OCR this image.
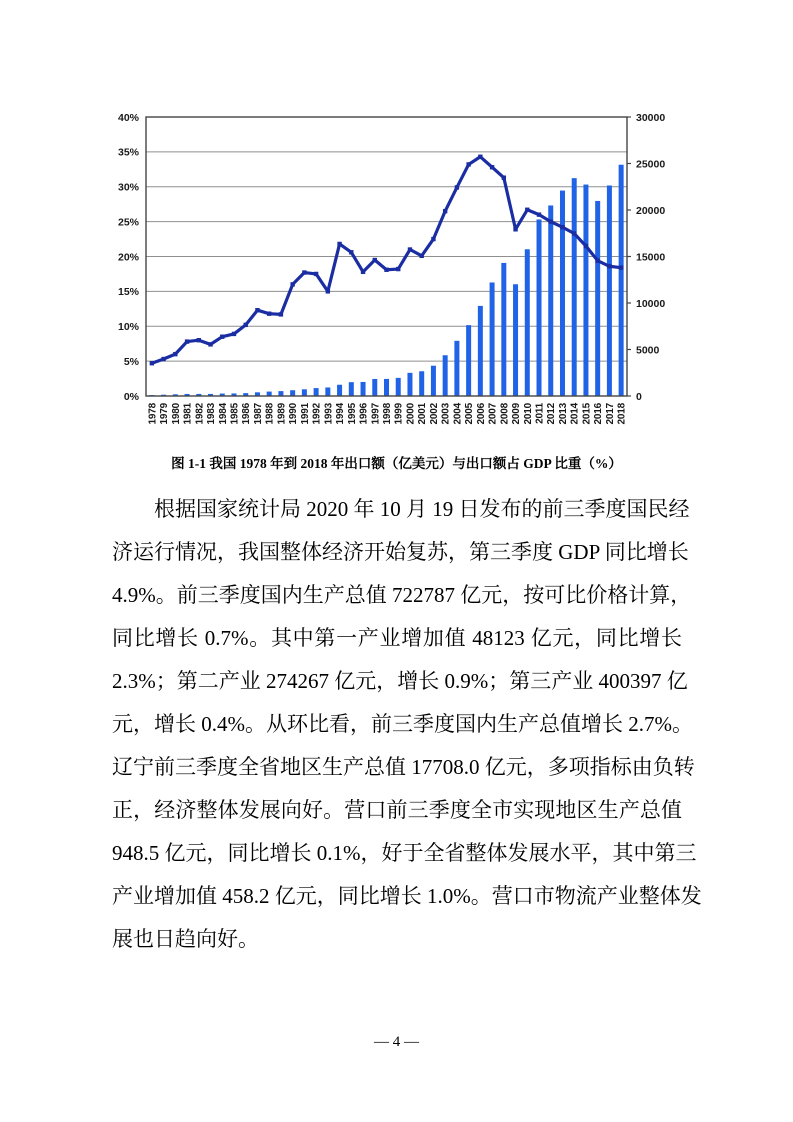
0%
5%
10%
15%
20%
25%
30%
35%
40%
0
5000
10000
15000
20000
25000
30000
1978 1979 1980 1981 1982 1983 1984 1985 1986 1987 1988 1989 1990 1991 1992 1993 1994 1995 1996 1997 1998 1999 2000 2001 2002 2003 2004 2005 2006 2007 2008 2009 2010 2011 2012 2013 2014 2015 2016 2017 2018
图 1-1 我国 1978 年到 2018 年出口额（亿美元）与出口额占 GDP 比重（%）
根据国家统计局 2020 年 10 月 19 日发布的前三季度国民经
济运行情况，我国整体经济开始复苏，第三季度 GDP 同比增长
4.9%。前三季度国内生产总值 722787 亿元，按可比价格计算，
同比增长 0.7%。其中第一产业增加值 48123 亿元，同比增长
2.3%；第二产业 274267 亿元，增长 0.9%；第三产业 400397 亿
元，增长 0.4%。从环比看，前三季度国内生产总值增长 2.7%。
辽宁前三季度全省地区生产总值 17708.0 亿元，多项指标由负转
正，经济整体发展向好。营口前三季度全市实现地区生产总值
948.5 亿元，同比增长 0.1%，好于全省整体发展水平，其中第三
产业增加值 458.2 亿元，同比增长 1.0%。营口市物流产业整体发
展也日趋向好。
— 4 —
